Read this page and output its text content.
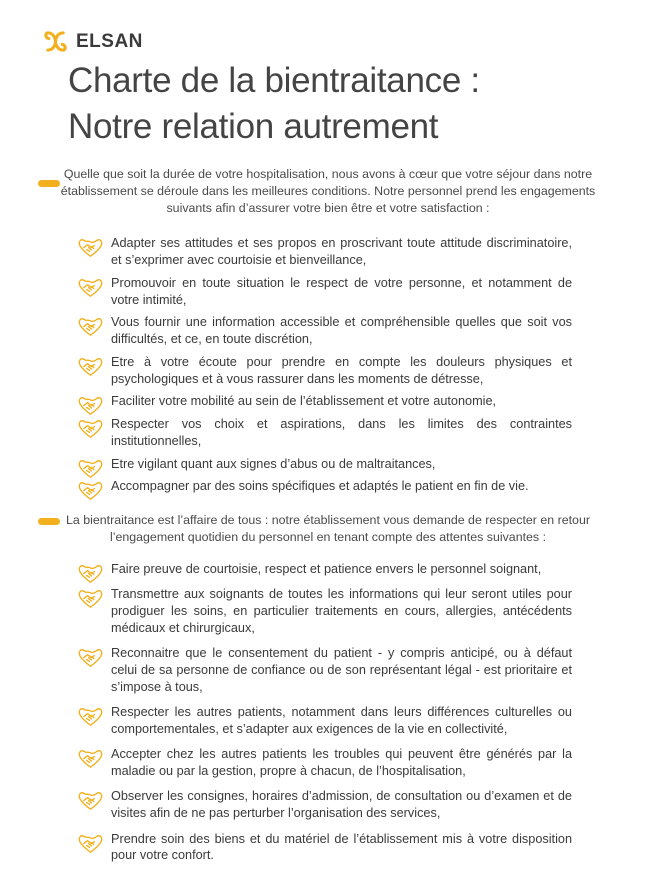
ELSAN
Charte de la bientraitance :
Notre relation autrement

Quelle que soit la durée de votre hospitalisation, nous avons à cœur que votre séjour dans notre établissement se déroule dans les meilleures conditions. Notre personnel prend les engagements suivants afin d’assurer votre bien être et votre satisfaction :

Adapter ses attitudes et ses propos en proscrivant toute attitude discriminatoire, et s’exprimer avec courtoisie et bienveillance,
Promouvoir en toute situation le respect de votre personne, et notamment de votre intimité,
Vous fournir une information accessible et compréhensible quelles que soit vos difficultés, et ce, en toute discrétion,
Etre à votre écoute pour prendre en compte les douleurs physiques et psychologiques et à vous rassurer dans les moments de détresse,
Faciliter votre mobilité au sein de l’établissement et votre autonomie,
Respecter vos choix et aspirations, dans les limites des contraintes institutionnelles,
Etre vigilant quant aux signes d’abus ou de maltraitances,
Accompagner par des soins spécifiques et adaptés le patient en fin de vie.

La bientraitance est l’affaire de tous : notre établissement vous demande de respecter en retour l’engagement quotidien du personnel en tenant compte des attentes suivantes :

Faire preuve de courtoisie, respect et patience envers le personnel soignant,
Transmettre aux soignants de toutes les informations qui leur seront utiles pour prodiguer les soins, en particulier traitements en cours, allergies, antécédents médicaux et chirurgicaux,
Reconnaitre que le consentement du patient - y compris anticipé, ou à défaut celui de sa personne de confiance ou de son représentant légal - est prioritaire et s’impose à tous,
Respecter les autres patients, notamment dans leurs différences culturelles ou comportementales, et s’adapter aux exigences de la vie en collectivité,
Accepter chez les autres patients les troubles qui peuvent être générés par la maladie ou par la gestion, propre à chacun, de l’hospitalisation,
Observer les consignes, horaires d’admission, de consultation ou d’examen et de visites afin de ne pas perturber l’organisation des services,
Prendre soin des biens et du matériel de l’établissement mis à votre disposition pour votre confort.
